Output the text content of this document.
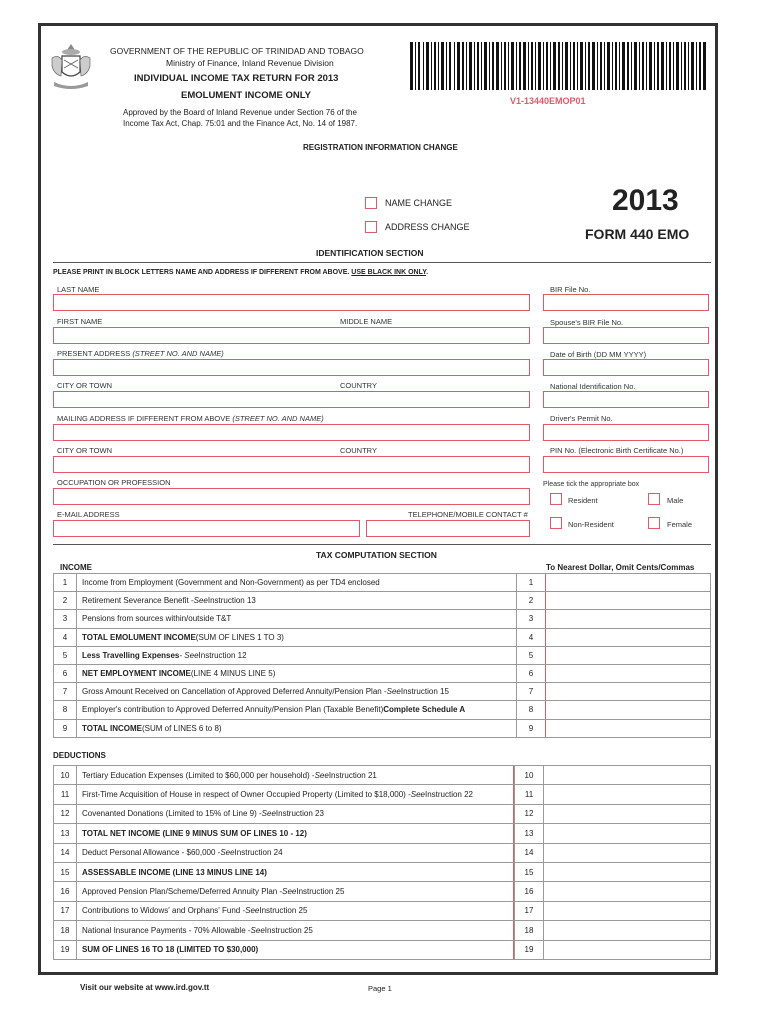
GOVERNMENT OF THE REPUBLIC OF TRINIDAD AND TOBAGO
Ministry of Finance, Inland Revenue Division
INDIVIDUAL INCOME TAX RETURN FOR 2013
EMOLUMENT INCOME ONLY
Approved by the Board of Inland Revenue under Section 76 of the
Income Tax Act, Chap. 75:01 and the Finance Act, No. 14 of 1987.
V1-13440EMOP01
REGISTRATION INFORMATION CHANGE
NAME CHANGE
ADDRESS CHANGE
2013
FORM 440 EMO
IDENTIFICATION SECTION
PLEASE PRINT IN BLOCK LETTERS NAME AND ADDRESS IF DIFFERENT FROM ABOVE. USE BLACK INK ONLY.
LAST NAME	BIR File No.
FIRST NAME	MIDDLE NAME	Spouse's BIR File No.
PRESENT ADDRESS (STREET NO. AND NAME)	Date of Birth (DD MM YYYY)
CITY OR TOWN	COUNTRY	National Identification No.
MAILING ADDRESS IF DIFFERENT FROM ABOVE (STREET NO. AND NAME)	Driver's Permit No.
CITY OR TOWN	COUNTRY	PIN No. (Electronic Birth Certificate No.)
OCCUPATION OR PROFESSION	Please tick the appropriate box
Resident	Male
E-MAIL ADDRESS	TELEPHONE/MOBILE CONTACT #
Non-Resident	Female
TAX COMPUTATION SECTION
INCOME	To Nearest Dollar, Omit Cents/Commas
1	Income from Employment (Government and Non-Government) as per TD4 enclosed	1
2	Retirement Severance Benefit - See Instruction 13	2
3	Pensions from sources within/outside T&T	3
4	TOTAL EMOLUMENT INCOME (SUM OF LINES 1 TO 3)	4
5	Less Travelling Expenses - See Instruction 12	5
6	NET EMPLOYMENT INCOME (LINE 4 MINUS LINE 5)	6
7	Gross Amount Received on Cancellation of Approved Deferred Annuity/Pension Plan - See Instruction 15	7
8	Employer's contribution to Approved Deferred Annuity/Pension Plan (Taxable Benefit) Complete Schedule A	8
9	TOTAL INCOME (SUM of LINES 6 to 8)	9
DEDUCTIONS
10	Tertiary Education Expenses (Limited to $60,000 per household) - See Instruction 21	10
11	First-Time Acquisition of House in respect of Owner Occupied Property (Limited to $18,000) - See Instruction 22	11
12	Covenanted Donations (Limited to 15% of Line 9) - See Instruction 23	12
13	TOTAL NET INCOME (LINE 9 MINUS SUM OF LINES 10 - 12)	13
14	Deduct Personal Allowance - $60,000 - See Instruction 24	14
15	ASSESSABLE INCOME (LINE 13 MINUS LINE 14)	15
16	Approved Pension Plan/Scheme/Deferred Annuity Plan - See Instruction 25	16
17	Contributions to Widows' and Orphans' Fund - See Instruction 25	17
18	National Insurance Payments - 70% Allowable - See Instruction 25	18
19	SUM OF LINES 16 TO 18 (LIMITED TO $30,000)	19
Visit our website at www.ird.gov.tt	Page 1
